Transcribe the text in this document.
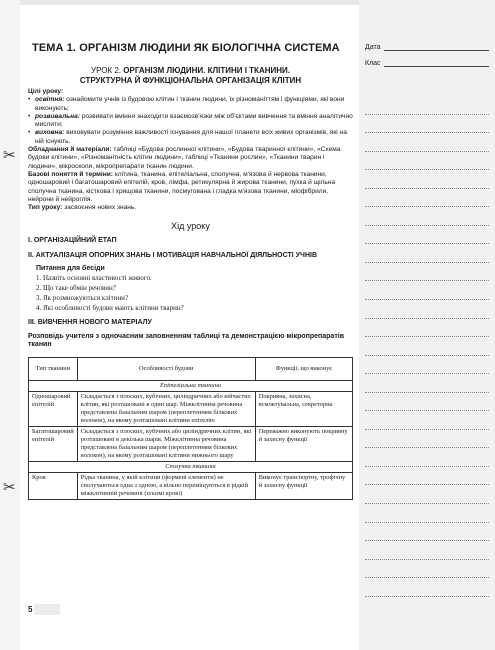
✂
✂
Дата
Клас
ТЕМА 1. ОРГАНІЗМ ЛЮДИНИ ЯК БІОЛОГІЧНА СИСТЕМА
УРОК 2. ОРГАНІЗМ ЛЮДИНИ. КЛІТИНИ І ТКАНИНИ.
СТРУКТУРНА Й ФУНКЦІОНАЛЬНА ОРГАНІЗАЦІЯ КЛІТИН
Цілі уроку:
• освітня: ознайомити учнів із будовою клітин і тканин людини, їх різноманіттям і функціями, які вони виконують;
• розвивальна: розвивати вміння знаходити взаємозв'язки між об'єктами вивчення та вміння аналітично мислити;
• виховна: виховувати розуміння важливості існування для нашої планети всіх живих організмів, які на ній існують.
Обладнання й матеріали: таблиці «Будова рослинної клітини», «Будова тваринної клітини», «Схема будови клітини», «Різноманітність клітин людини», таблиці «Тканини рослин», «Тканини тварин і людини», мікроскопи, мікропрепарати тканин людини.
Базові поняття й терміни: клітина, тканина, епітеліальна, сполучна, м'язова й нервова тканини, одношаровий і багатошаровий епітелій, кров, лімфа, ретикулярна й жирова тканини, пухка й щільна сполучна тканина, кісткова і хрящова тканини, посмугована і гладка м'язова тканини, міофібрили, нейрони й нейроглія.
Тип уроку: засвоєння нових знань.
Хід уроку
I. ОРГАНІЗАЦІЙНИЙ ЕТАП
II. АКТУАЛІЗАЦІЯ ОПОРНИХ ЗНАНЬ І МОТИВАЦІЯ НАВЧАЛЬНОЇ ДІЯЛЬНОСТІ УЧНІВ
Питання для бесіди
1. Назвіть основні властивості живого.
2. Що таке обмін речовин?
3. Як розмножуються клітини?
4. Які особливості будови мають клітини тварин?
III. ВИВЧЕННЯ НОВОГО МАТЕРІАЛУ
Розповідь учителя з одночасним заповненням таблиці та демонстрацією мікропрепаратів тканин
Тип тканини	Особливості будови	Функції, що виконує
Епітеліальна тканина		
Одношаровий епітелій	Складається з плоских, кубічних, циліндричних або війчастих клітин, які розташовані в один шар. Міжклітинна речовина представлена базальним шаром (переплетенням білкових волокон), на якому розташовані клітини епітелію	Покривна, захисна, всмоктувальна, секреторна
Багатошаровий епітелій	Складається з плоских, кубічних або циліндричних клітин, які розташовані в декілька шарів. Міжклітинна речовина представлена базальним шаром (переплетенням білкових волокон), на якому розташовані клітини нижнього шару	Переважно виконують покривну й захисну функції
Сполучна тканина		
Кров	Рідка тканина, у якій клітини (формені елементи) не сполучаються одна з одною, а вільно переміщуються в рідкій міжклітинній речовині (плазмі крові)	Виконує транспортну, трофічну й захисну функції
5
